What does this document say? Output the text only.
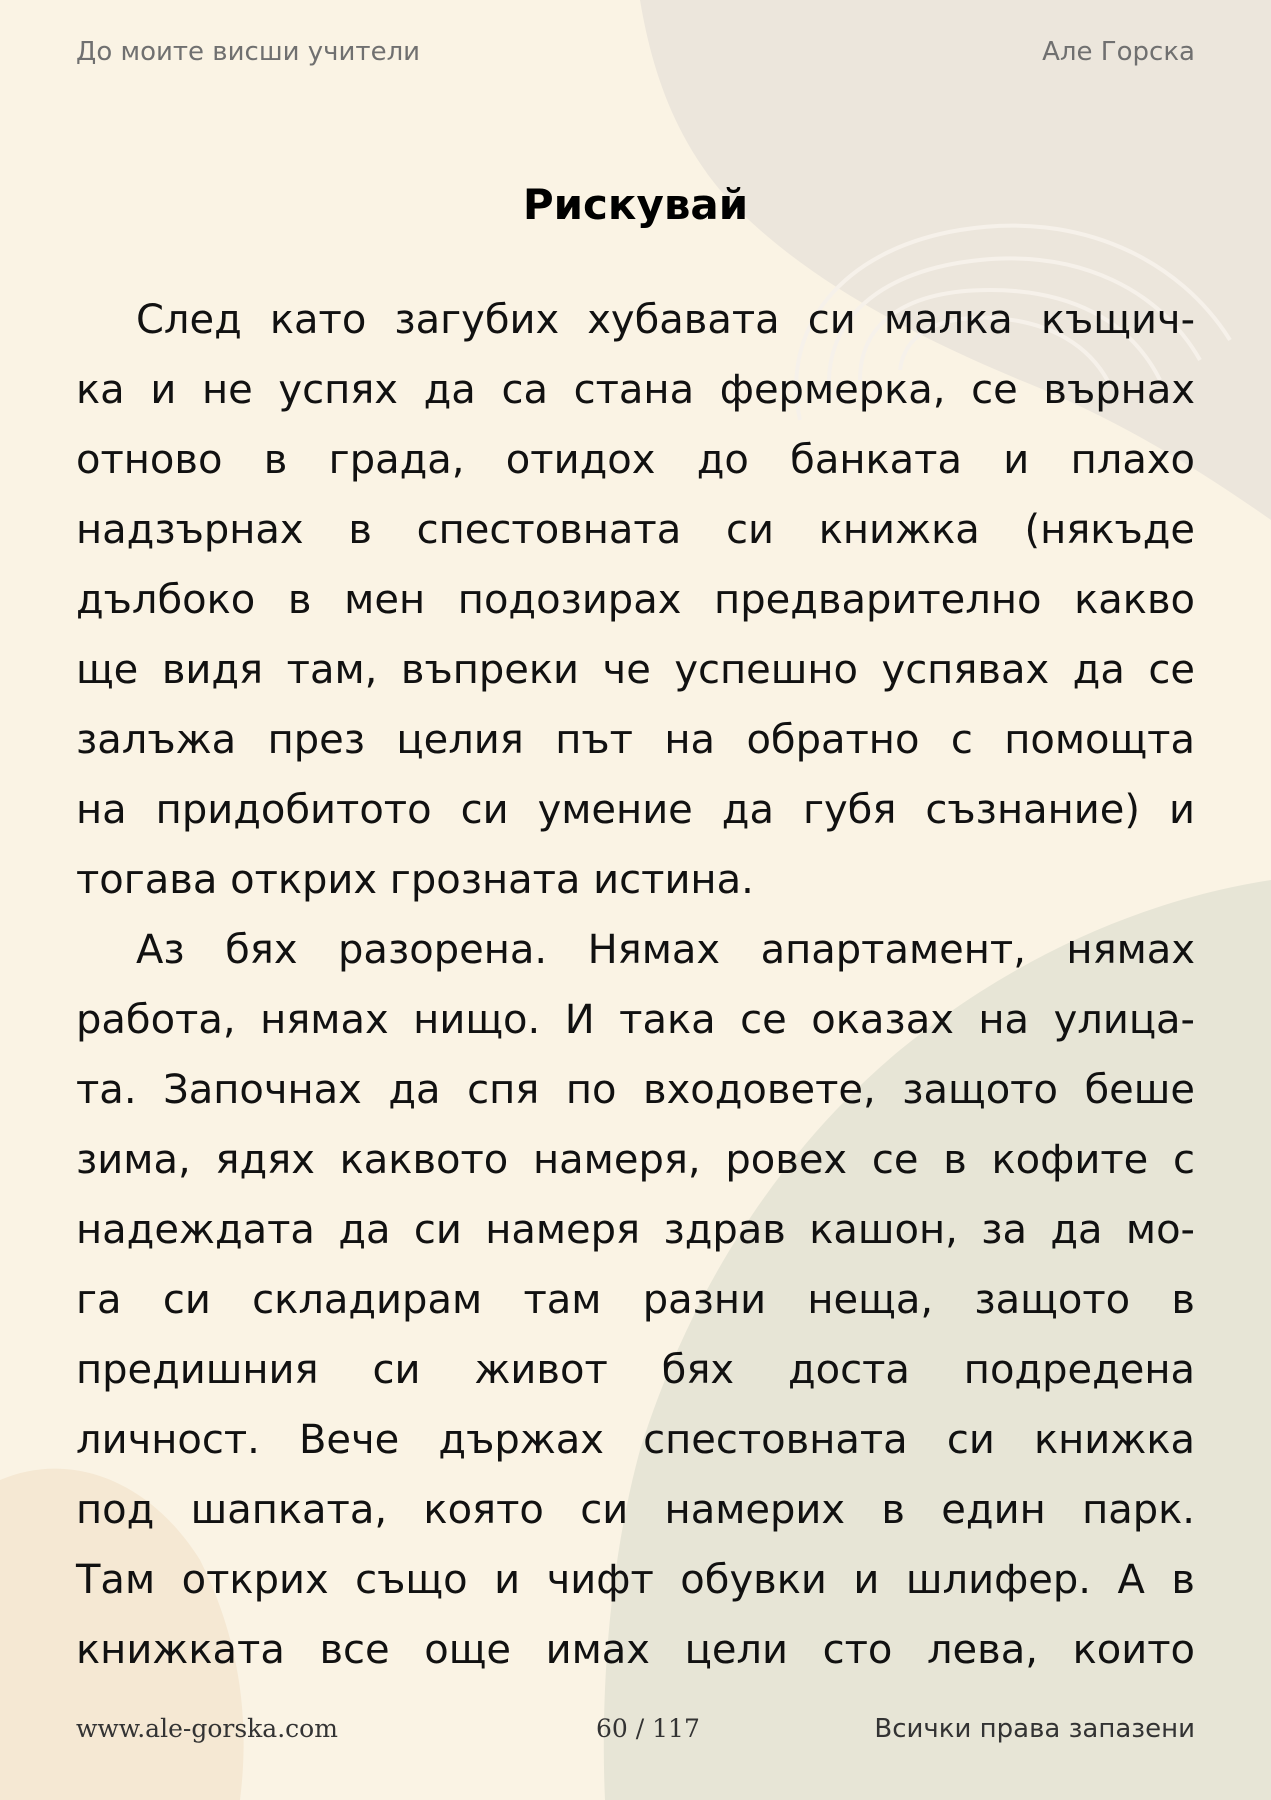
До моите висши учители	Але Горска
Рискувай
След като загубих хубавата си малка къщич-
ка и не успях да са стана фермерка, се върнах
отново в града, отидох до банката и плахо
надзърнах в спестовната си книжка (някъде
дълбоко в мен подозирах предварително какво
ще видя там, въпреки че успешно успявах да се
залъжа през целия път на обратно с помощта
на придобитото си умение да губя съзнание) и
тогава открих грозната истина.
Аз бях разорена. Нямах апартамент, нямах
работа, нямах нищо. И така се оказах на улица-
та. Започнах да спя по входовете, защото беше
зима, ядях каквото намеря, ровех се в кофите с
надеждата да си намеря здрав кашон, за да мо-
га си складирам там разни неща, защото в
предишния си живот бях доста подредена
личност. Вече държах спестовната си книжка
под шапката, която си намерих в един парк.
Там открих също и чифт обувки и шлифер. А в
книжката все още имах цели сто лева, които
www.ale-gorska.com	60 / 117	Всички права запазени
